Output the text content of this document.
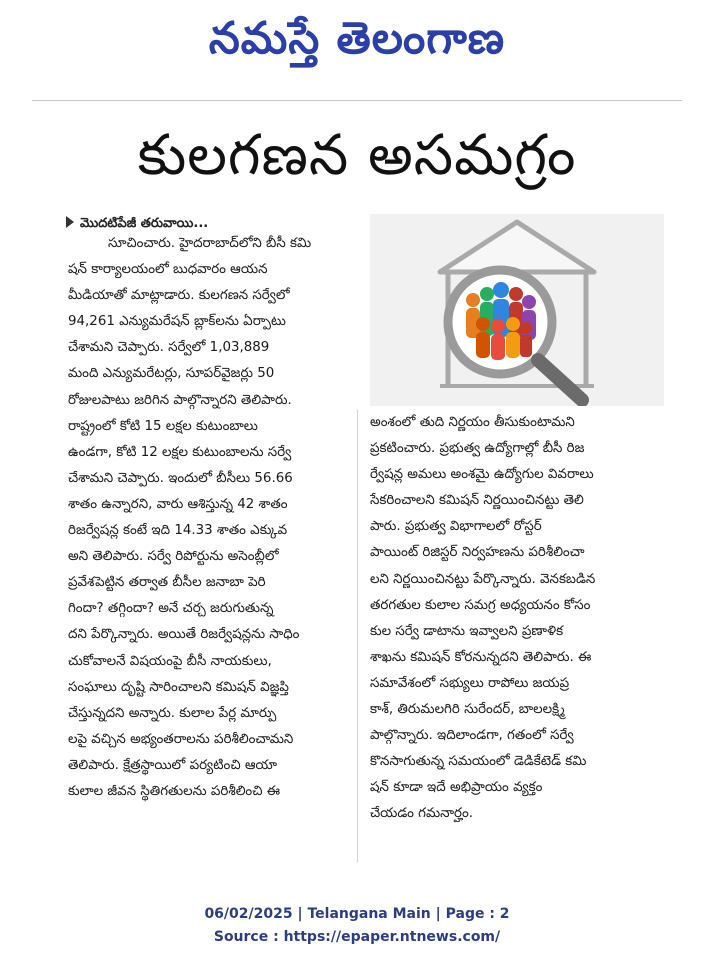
నమస్తే తెలంగాణ
కులగణన అసమగ్రం
మొదటిపేజీ తరువాయి...
సూచించారు. హైదరాబాద్‌లోని బీసీ కమి
షన్ కార్యాలయంలో బుధవారం ఆయన
మీడియాతో మాట్లాడారు. కులగణన సర్వేలో
94,261 ఎన్యుమరేషన్ బ్లాక్‌లను ఏర్పాటు
చేశామని చెప్పారు. సర్వేలో 1,03,889
మంది ఎన్యుమరేటర్లు, సూపర్‌వైజర్లు 50
రోజులపాటు జరిగిన పాల్గొన్నారని తెలిపారు.
రాష్ట్రంలో కోటి 15 లక్షల కుటుంబాలు
ఉండగా, కోటి 12 లక్షల కుటుంబాలను సర్వే
చేశామని చెప్పారు. ఇందులో బీసీలు 56.66
శాతం ఉన్నారని, వారు ఆశిస్తున్న 42 శాతం
రిజర్వేషన్ల కంటే ఇది 14.33 శాతం ఎక్కువ
అని తెలిపారు. సర్వే రిపోర్టును అసెంబ్లీలో
ప్రవేశపెట్టిన తర్వాత బీసీల జనాబా పెరి
గిందా? తగ్గిందా? అనే చర్చ జరుగుతున్న
దని పేర్కొన్నారు. అయితే రిజర్వేషన్లను సాధిం
చుకోవాలనే విషయంపై బీసీ నాయకులు,
సంఘాలు దృష్టి సారించాలని కమిషన్ విజ్ఞప్తి
చేస్తున్నదని అన్నారు. కులాల పేర్ల మార్పు
లపై వచ్చిన అభ్యంతరాలను పరిశీలించామని
తెలిపారు. క్షేత్రస్థాయిలో పర్యటించి ఆయా
కులాల జీవన స్థితిగతులను పరిశీలించి ఈ
అంశంలో తుది నిర్ణయం తీసుకుంటామని
ప్రకటించారు. ప్రభుత్వ ఉద్యోగాల్లో బీసీ రిజ
ర్వేషన్ల అమలు అంశమై ఉద్యోగుల వివరాలు
సేకరించాలని కమిషన్ నిర్ణయించినట్టు తెలి
పారు. ప్రభుత్వ విభాగాలలో రోస్టర్
పాయింట్ రిజిస్టర్ నిర్వహణను పరిశీలించా
లని నిర్ణయించినట్టు పేర్కొన్నారు. వెనకబడిన
తరగతుల కులాల సమగ్ర అధ్యయనం కోసం
కుల సర్వే డాటాను ఇవ్వాలని ప్రణాళిక
శాఖను కమిషన్ కోరనున్నదని తెలిపారు. ఈ
సమావేశంలో సభ్యులు రాపోలు జయప్ర
కాశ్, తిరుమలగిరి సురేందర్, బాలలక్ష్మి
పాల్గొన్నారు. ఇదిలాండగా, గతంలో సర్వే
కొనసాగుతున్న సమయంలో డెడికేటెడ్ కమి
షన్ కూడా ఇదే అభిప్రాయం వ్యక్తం
చేయడం గమనార్హం.
06/02/2025 | Telangana Main | Page : 2
Source : https://epaper.ntnews.com/
